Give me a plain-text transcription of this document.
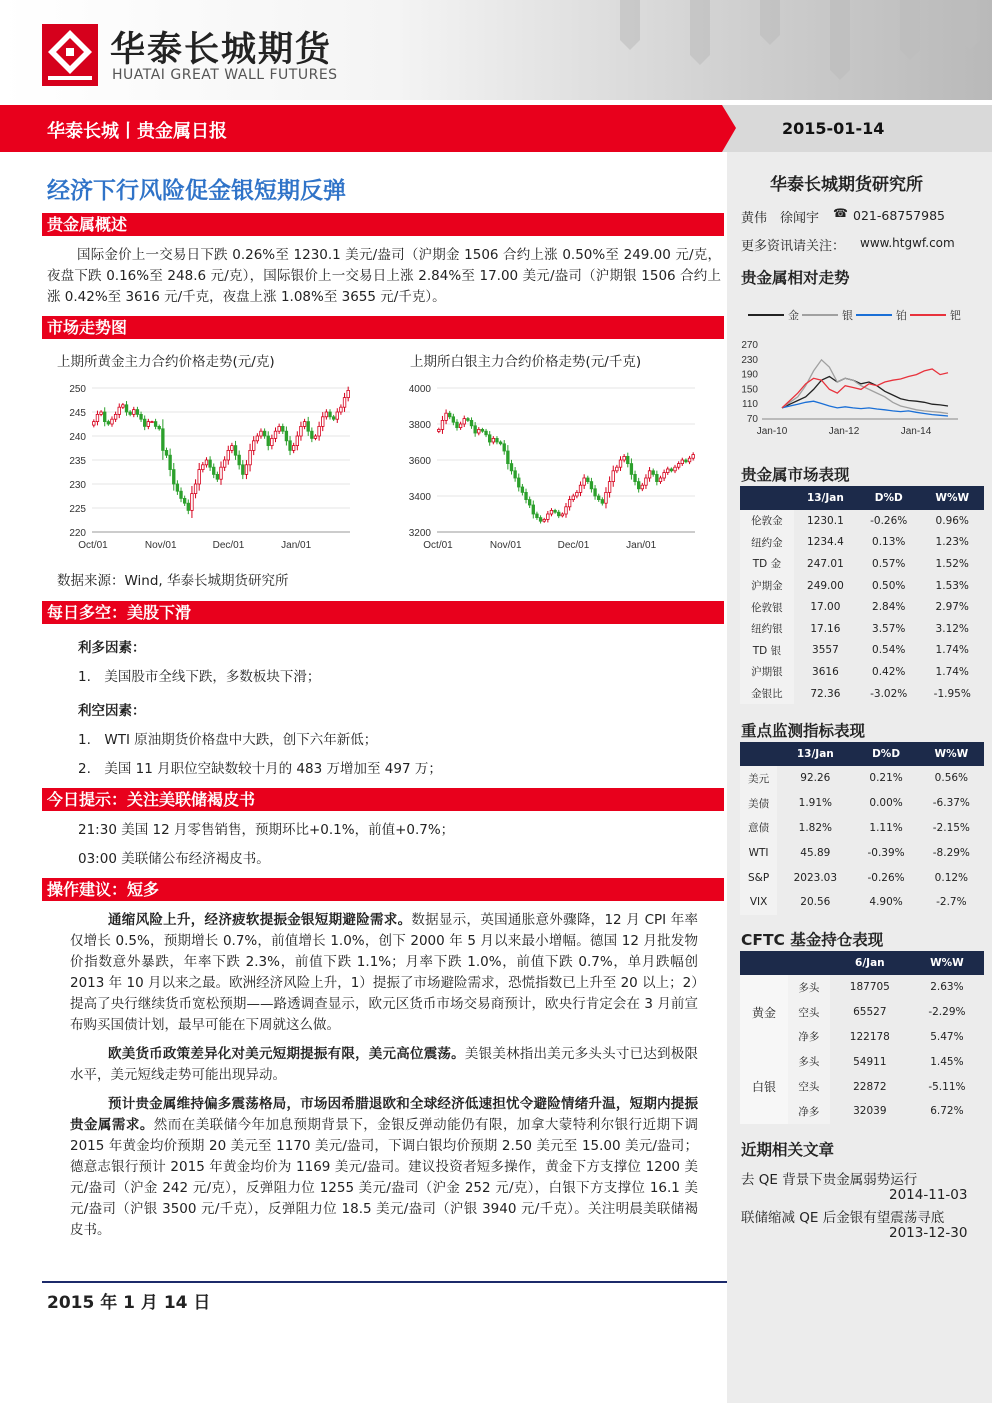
华泰长城期货
HUATAI GREAT WALL FUTURES
华泰长城丨贵金属日报	2015-01-14
经济下行风险促金银短期反弹
贵金属概述
国际金价上一交易日下跌 0.26%至 1230.1 美元/盎司（沪期金 1506 合约上涨 0.50%至 249.00 元/克，夜盘下跌 0.16%至 248.6 元/克），国际银价上一交易日上涨 2.84%至 17.00 美元/盎司（沪期银 1506 合约上涨 0.42%至 3616 元/千克，夜盘上涨 1.08%至 3655 元/千克）。
市场走势图
上期所黄金主力合约价格走势(元/克)	上期所白银主力合约价格走势(元/千克)
220
225
230
235
240
245
250
Oct/01	Nov/01	Dec/01	Jan/01
3200
3400
3600
3800
4000
Oct/01	Nov/01	Dec/01	Jan/01
数据来源：Wind, 华泰长城期货研究所
每日多空：美股下滑
利多因素：
1.　美国股市全线下跌，多数板块下滑；
利空因素：
1.　WTI 原油期货价格盘中大跌，创下六年新低；
2.　美国 11 月职位空缺数较十月的 483 万增加至 497 万；
今日提示：关注美联储褐皮书
21:30 美国 12 月零售销售，预期环比+0.1%，前值+0.7%；
03:00 美联储公布经济褐皮书。
操作建议：短多
通缩风险上升，经济疲软提振金银短期避险需求。数据显示，英国通胀意外骤降，12 月 CPI 年率仅增长 0.5%，预期增长 0.7%，前值增长 1.0%，创下 2000 年 5 月以来最小增幅。德国 12 月批发物价指数意外暴跌，年率下跌 2.3%，前值下跌 1.1%；月率下跌 1.0%，前值下跌 0.7%，单月跌幅创 2013 年 10 月以来之最。欧洲经济风险上升，1）提振了市场避险需求，恐慌指数已上升至 20 以上；2）提高了央行继续货币宽松预期——路透调查显示，欧元区货币市场交易商预计，欧央行肯定会在 3 月前宣布购买国债计划，最早可能在下周就这么做。
欧美货币政策差异化对美元短期提振有限，美元高位震荡。美银美林指出美元多头头寸已达到极限水平，美元短线走势可能出现异动。
预计贵金属维持偏多震荡格局，市场因希腊退欧和全球经济低速担忧令避险情绪升温，短期内提振贵金属需求。然而在美联储今年加息预期背景下，金银反弹动能仍有限，加拿大蒙特利尔银行近期下调 2015 年黄金均价预期 20 美元至 1170 美元/盎司，下调白银均价预期 2.50 美元至 15.00 美元/盎司；德意志银行预计 2015 年黄金均价为 1169 美元/盎司。建议投资者短多操作，黄金下方支撑位 1200 美元/盎司（沪金 242 元/克），反弹阻力位 1255 美元/盎司（沪金 252 元/克），白银下方支撑位 16.1 美元/盎司（沪银 3500 元/千克），反弹阻力位 18.5 美元/盎司（沪银 3940 元/千克）。关注明晨美联储褐皮书。
2015 年 1 月 14 日
华泰长城期货研究所
黄伟　徐闻宇 ☎ 021-68757985
更多资讯请关注： www.htgwf.com
贵金属相对走势
金	银	铂	钯
70
110
150
190
230
270
Jan-10	Jan-12	Jan-14
贵金属市场表现
	13/Jan	D%D	W%W
伦敦金	1230.1	-0.26%	0.96%
纽约金	1234.4	0.13%	1.23%
TD 金	247.01	0.57%	1.52%
沪期金	249.00	0.50%	1.53%
伦敦银	17.00	2.84%	2.97%
纽约银	17.16	3.57%	3.12%
TD 银	3557	0.54%	1.74%
沪期银	3616	0.42%	1.74%
金银比	72.36	-3.02%	-1.95%
重点监测指标表现
	13/Jan	D%D	W%W
美元	92.26	0.21%	0.56%
美债	1.91%	0.00%	-6.37%
意债	1.82%	1.11%	-2.15%
WTI	45.89	-0.39%	-8.29%
S&P	2023.03	-0.26%	0.12%
VIX	20.56	4.90%	-2.7%
CFTC 基金持仓表现
		6/Jan	W%W
黄金	多头	187705	2.63%
	空头	65527	-2.29%
	净多	122178	5.47%
白银	多头	54911	1.45%
	空头	22872	-5.11%
	净多	32039	6.72%
近期相关文章
去 QE 背景下贵金属弱势运行
2014-11-03
联储缩减 QE 后金银有望震荡寻底
2013-12-30
